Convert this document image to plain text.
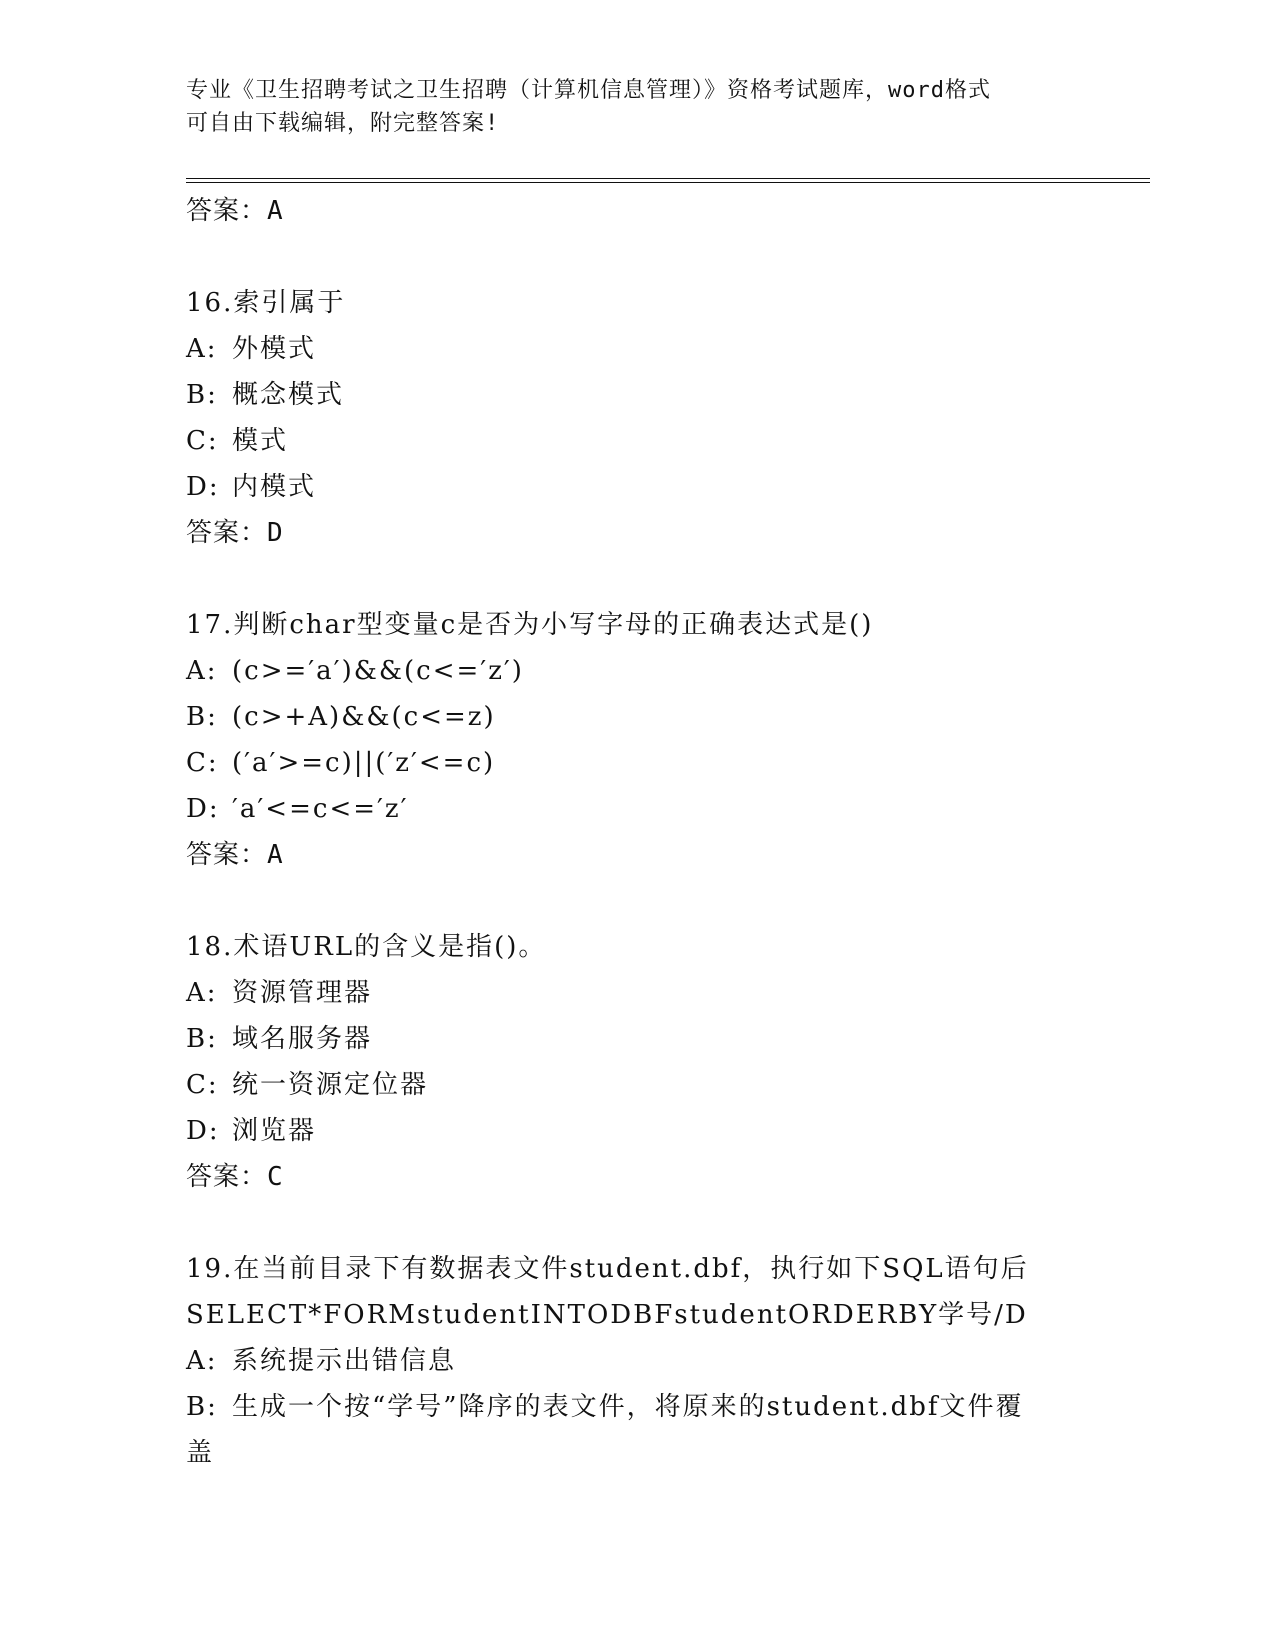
专业《卫生招聘考试之卫生招聘（计算机信息管理）》资格考试题库，word格式
可自由下载编辑，附完整答案!
答案：A
16.索引属于
A: 外模式
B: 概念模式
C: 模式
D: 内模式
答案：D
17.判断char型变量c是否为小写字母的正确表达式是()
A: (c>=′a′)&&(c<=′z′)
B: (c>+A)&&(c<=z)
C: (′a′>=c)||(′z′<=c)
D: ′a′<=c<=′z′
答案：A
18.术语URL的含义是指()。
A: 资源管理器
B: 域名服务器
C: 统一资源定位器
D: 浏览器
答案：C
19.在当前目录下有数据表文件student.dbf，执行如下SQL语句后
SELECT*FORMstudentINTODBFstudentORDERBY学号/D
A: 系统提示出错信息
B: 生成一个按“学号”降序的表文件，将原来的student.dbf文件覆
盖
